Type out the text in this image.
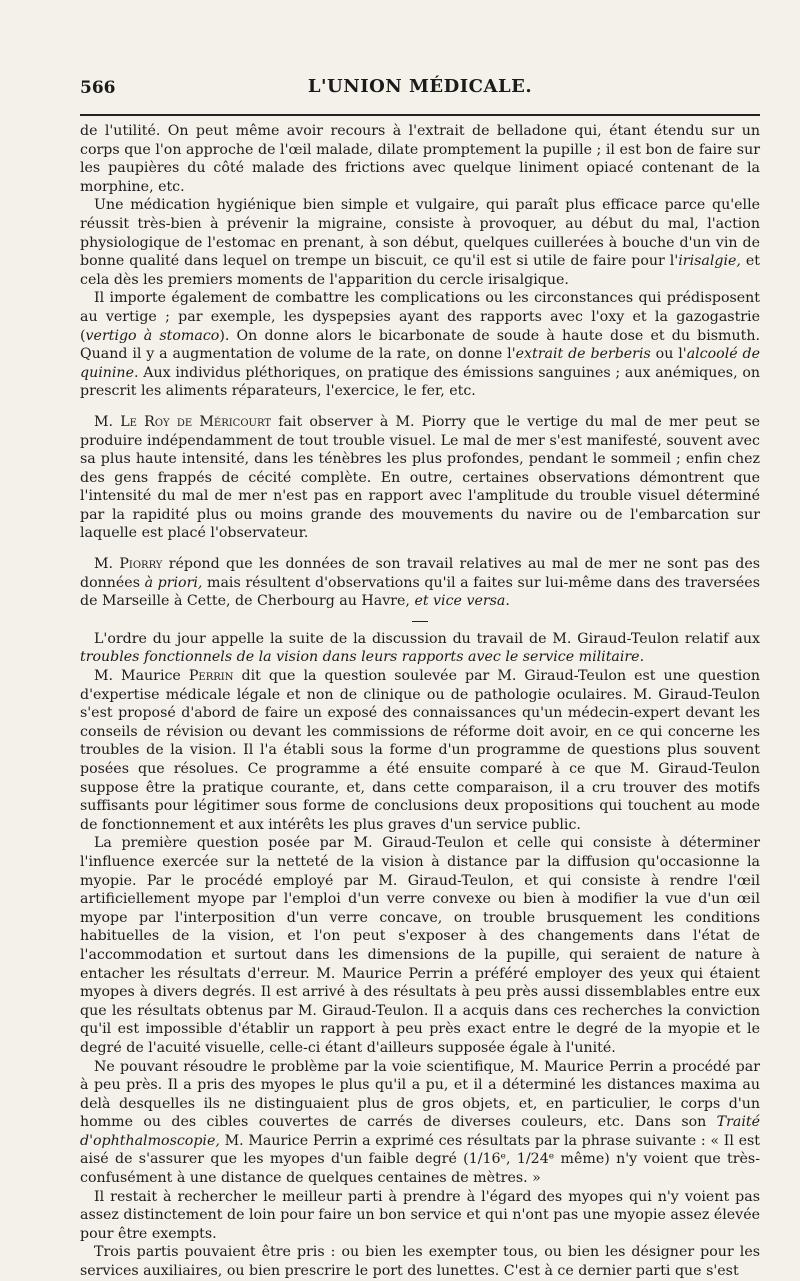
566	L'UNION MÉDICALE.

de l'utilité. On peut même avoir recours à l'extrait de belladone qui, étant étendu sur un corps que l'on approche de l'œil malade, dilate promptement la pupille ; il est bon de faire sur les paupières du côté malade des frictions avec quelque liniment opiacé contenant de la morphine, etc.

Une médication hygiénique bien simple et vulgaire, qui paraît plus efficace parce qu'elle réussit très-bien à prévenir la migraine, consiste à provoquer, au début du mal, l'action physiologique de l'estomac en prenant, à son début, quelques cuillerées à bouche d'un vin de bonne qualité dans lequel on trempe un biscuit, ce qu'il est si utile de faire pour l'irisalgie, et cela dès les premiers moments de l'apparition du cercle irisalgique.

Il importe également de combattre les complications ou les circonstances qui prédisposent au vertige ; par exemple, les dyspepsies ayant des rapports avec l'oxy et la gazogastrie (vertigo à stomaco). On donne alors le bicarbonate de soude à haute dose et du bismuth. Quand il y a augmentation de volume de la rate, on donne l'extrait de berberis ou l'alcoolé de quinine. Aux individus pléthoriques, on pratique des émissions sanguines ; aux anémiques, on prescrit les aliments réparateurs, l'exercice, le fer, etc.

M. Le Roy de Méricourt fait observer à M. Piorry que le vertige du mal de mer peut se produire indépendamment de tout trouble visuel. Le mal de mer s'est manifesté, souvent avec sa plus haute intensité, dans les ténèbres les plus profondes, pendant le sommeil ; enfin chez des gens frappés de cécité complète. En outre, certaines observations démontrent que l'intensité du mal de mer n'est pas en rapport avec l'amplitude du trouble visuel déterminé par la rapidité plus ou moins grande des mouvements du navire ou de l'embarcation sur laquelle est placé l'observateur.

M. Piorry répond que les données de son travail relatives au mal de mer ne sont pas des données à priori, mais résultent d'observations qu'il a faites sur lui-même dans des traversées de Marseille à Cette, de Cherbourg au Havre, et vice versa.

L'ordre du jour appelle la suite de la discussion du travail de M. Giraud-Teulon relatif aux troubles fonctionnels de la vision dans leurs rapports avec le service militaire.

M. Maurice Perrin dit que la question soulevée par M. Giraud-Teulon est une question d'expertise médicale légale et non de clinique ou de pathologie oculaires. M. Giraud-Teulon s'est proposé d'abord de faire un exposé des connaissances qu'un médecin-expert devant les conseils de révision ou devant les commissions de réforme doit avoir, en ce qui concerne les troubles de la vision. Il l'a établi sous la forme d'un programme de questions plus souvent posées que résolues. Ce programme a été ensuite comparé à ce que M. Giraud-Teulon suppose être la pratique courante, et, dans cette comparaison, il a cru trouver des motifs suffisants pour légitimer sous forme de conclusions deux propositions qui touchent au mode de fonctionnement et aux intérêts les plus graves d'un service public.

La première question posée par M. Giraud-Teulon et celle qui consiste à déterminer l'influence exercée sur la netteté de la vision à distance par la diffusion qu'occasionne la myopie. Par le procédé employé par M. Giraud-Teulon, et qui consiste à rendre l'œil artificiellement myope par l'emploi d'un verre convexe ou bien à modifier la vue d'un œil myope par l'interposition d'un verre concave, on trouble brusquement les conditions habituelles de la vision, et l'on peut s'exposer à des changements dans l'état de l'accommodation et surtout dans les dimensions de la pupille, qui seraient de nature à entacher les résultats d'erreur. M. Maurice Perrin a préféré employer des yeux qui étaient myopes à divers degrés. Il est arrivé à des résultats à peu près aussi dissemblables entre eux que les résultats obtenus par M. Giraud-Teulon. Il a acquis dans ces recherches la conviction qu'il est impossible d'établir un rapport à peu près exact entre le degré de la myopie et le degré de l'acuité visuelle, celle-ci étant d'ailleurs supposée égale à l'unité.

Ne pouvant résoudre le problème par la voie scientifique, M. Maurice Perrin a procédé par à peu près. Il a pris des myopes le plus qu'il a pu, et il a déterminé les distances maxima au delà desquelles ils ne distinguaient plus de gros objets, et, en particulier, le corps d'un homme ou des cibles couvertes de carrés de diverses couleurs, etc. Dans son Traité d'ophthalmoscopie, M. Maurice Perrin a exprimé ces résultats par la phrase suivante : « Il est aisé de s'assurer que les myopes d'un faible degré (1/16ᵉ, 1/24ᵉ même) n'y voient que très-confusément à une distance de quelques centaines de mètres. »

Il restait à rechercher le meilleur parti à prendre à l'égard des myopes qui n'y voient pas assez distinctement de loin pour faire un bon service et qui n'ont pas une myopie assez élevée pour être exempts.

Trois partis pouvaient être pris : ou bien les exempter tous, ou bien les désigner pour les services auxiliaires, ou bien prescrire le port des lunettes. C'est à ce dernier parti que s'est
